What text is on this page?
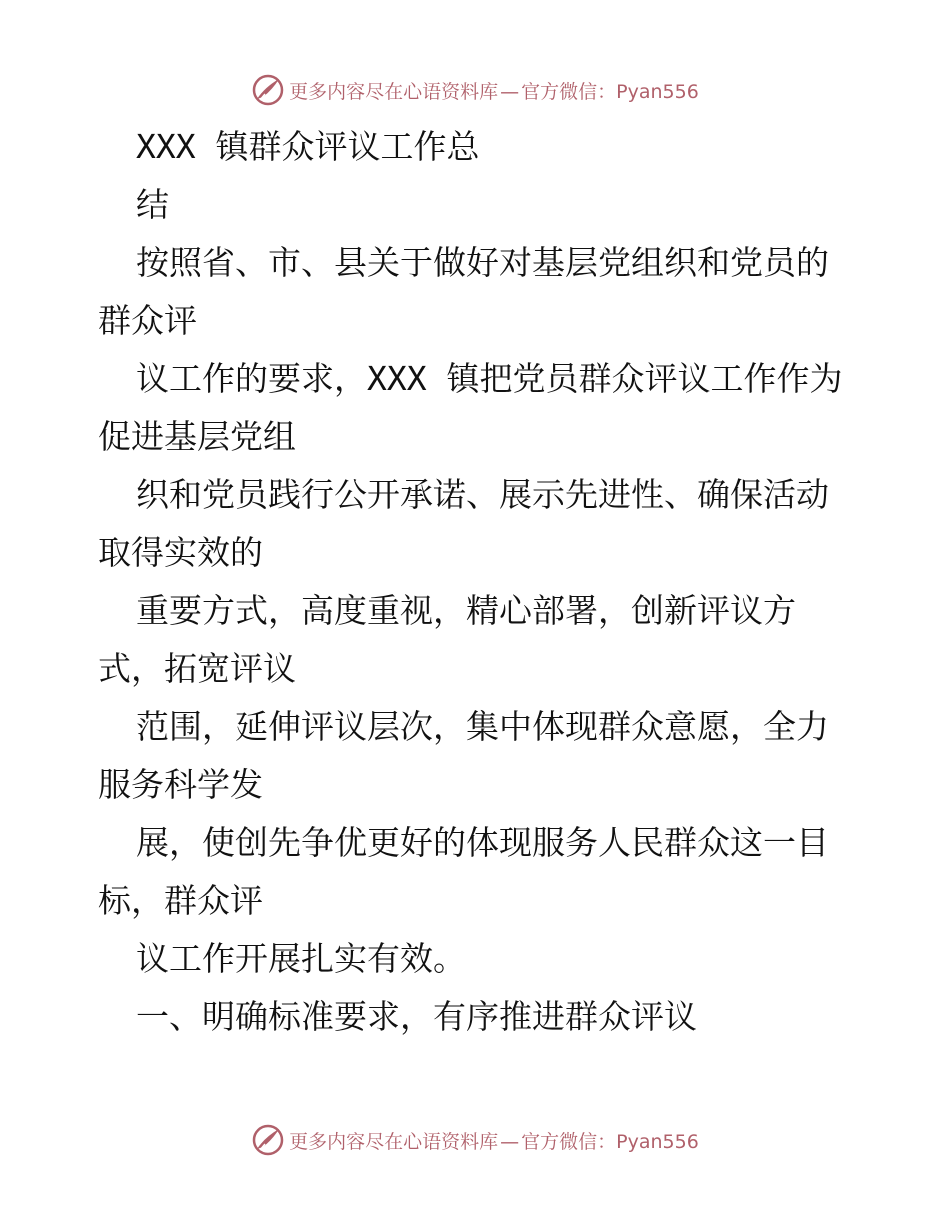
更多内容尽在心语资料库 — 官方微信：Pyan556
XXX 镇群众评议工作总
结
按照省、市、县关于做好对基层党组织和党员的
群众评
议工作的要求，XXX 镇把党员群众评议工作作为
促进基层党组
织和党员践行公开承诺、展示先进性、确保活动
取得实效的
重要方式，高度重视，精心部署，创新评议方
式，拓宽评议
范围，延伸评议层次，集中体现群众意愿，全力
服务科学发
展，使创先争优更好的体现服务人民群众这一目
标，群众评
议工作开展扎实有效。
一、明确标准要求，有序推进群众评议
更多内容尽在心语资料库 — 官方微信：Pyan556
